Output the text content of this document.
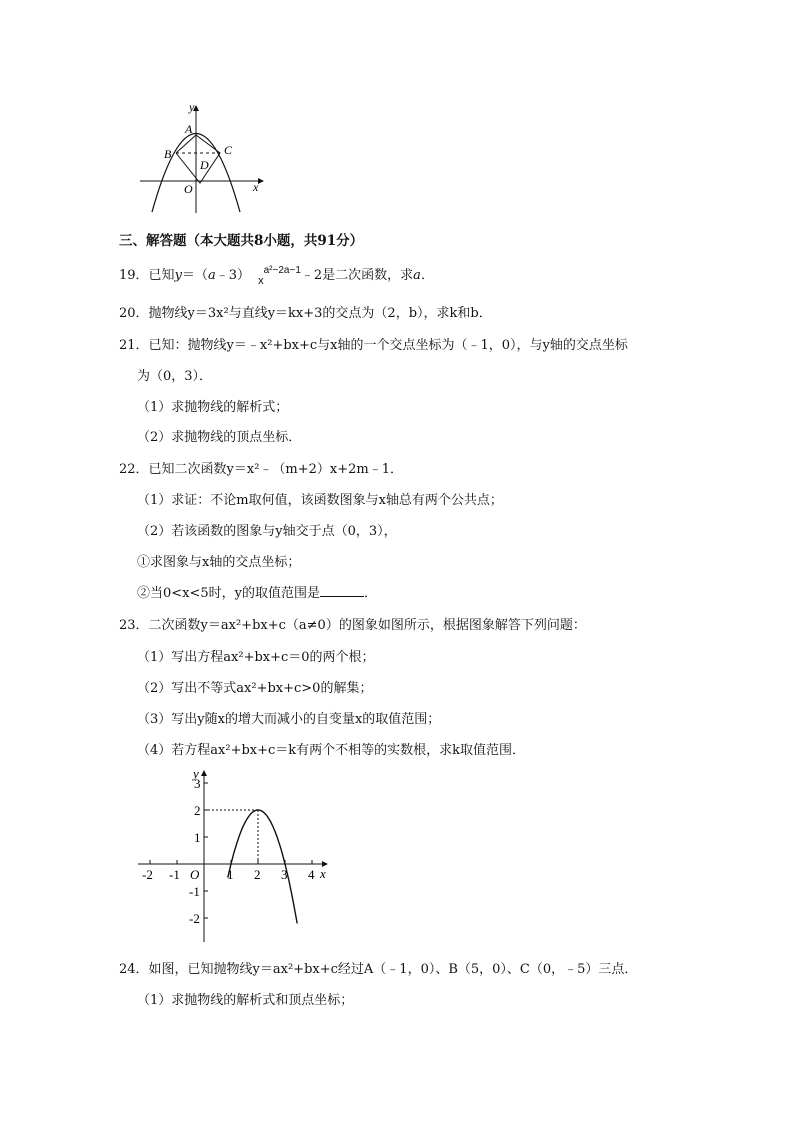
y
x
O
A
B	C
D
三、解答题（本大题共8小题，共91分）
19．已知y＝（a﹣3） $_x^{a^2-2a-1}$﹣2是二次函数，求a．
20．抛物线y＝3x²与直线y＝kx+3的交点为（2，b），求k和b．
21．已知：抛物线y＝﹣x²+bx+c与x轴的一个交点坐标为（﹣1，0），与y轴的交点坐标
为（0，3）．
（1）求抛物线的解析式；
（2）求抛物线的顶点坐标．
22．已知二次函数y＝x²﹣（m+2）x+2m﹣1．
（1）求证：不论m取何值，该函数图象与x轴总有两个公共点；
（2）若该函数的图象与y轴交于点（0，3），
①求图象与x轴的交点坐标；
②当0<x<5时，y的取值范围是	．
23．二次函数y＝ax²+bx+c（a≠0）的图象如图所示，根据图象解答下列问题：
（1）写出方程ax²+bx+c＝0的两个根；
（2）写出不等式ax²+bx+c>0的解集；
（3）写出y随x的增大而减小的自变量x的取值范围；
（4）若方程ax²+bx+c＝k有两个不相等的实数根，求k取值范围．
y
x
O
-2 -1	1 2 3 4
3
2
1
-1
-2
24．如图，已知抛物线y＝ax²+bx+c经过A（﹣1，0）、B（5，0）、C（0，﹣5）三点．
（1）求抛物线的解析式和顶点坐标；
